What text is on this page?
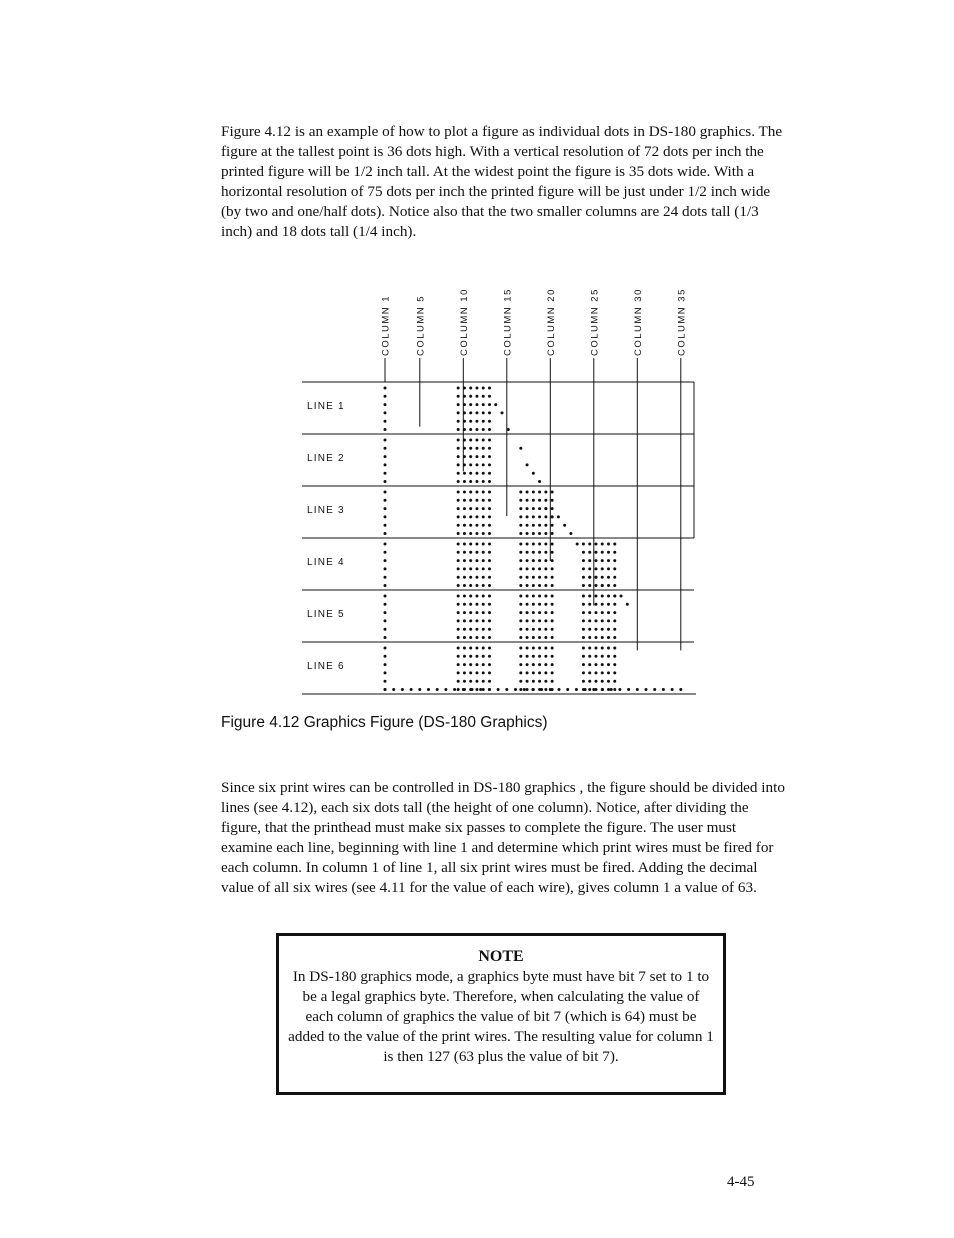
Figure 4.12 is an example of how to plot a figure as individual dots in DS-180 graphics. The figure at the tallest point is 36 dots high. With a vertical resolution of 72 dots per inch the printed figure will be 1/2 inch tall. At the widest point the figure is 35 dots wide. With a horizontal resolution of 75 dots per inch the printed figure will be just under 1/2 inch wide (by two and one/half dots). Notice also that the two smaller columns are 24 dots tall (1/3 inch) and 18 dots tall (1/4 inch).

COLUMN 1	COLUMN 5	COLUMN 10	COLUMN 15	COLUMN 20	COLUMN 25	COLUMN 30	COLUMN 35
LINE 1
LINE 2
LINE 3
LINE 4
LINE 5
LINE 6

Figure 4.12 Graphics Figure (DS-180 Graphics)

Since six print wires can be controlled in DS-180 graphics , the figure should be divided into lines (see 4.12), each six dots tall (the height of one column). Notice, after dividing the figure, that the printhead must make six passes to complete the figure. The user must examine each line, beginning with line 1 and determine which print wires must be fired for each column. In column 1 of line 1, all six print wires must be fired. Adding the decimal value of all six wires (see 4.11 for the value of each wire), gives column 1 a value of 63.

NOTE

In DS-180 graphics mode, a graphics byte must have bit 7 set to 1 to be a legal graphics byte. Therefore, when calculating the value of each column of graphics the value of bit 7 (which is 64) must be added to the value of the print wires. The resulting value for column 1 is then 127 (63 plus the value of bit 7).

4-45
